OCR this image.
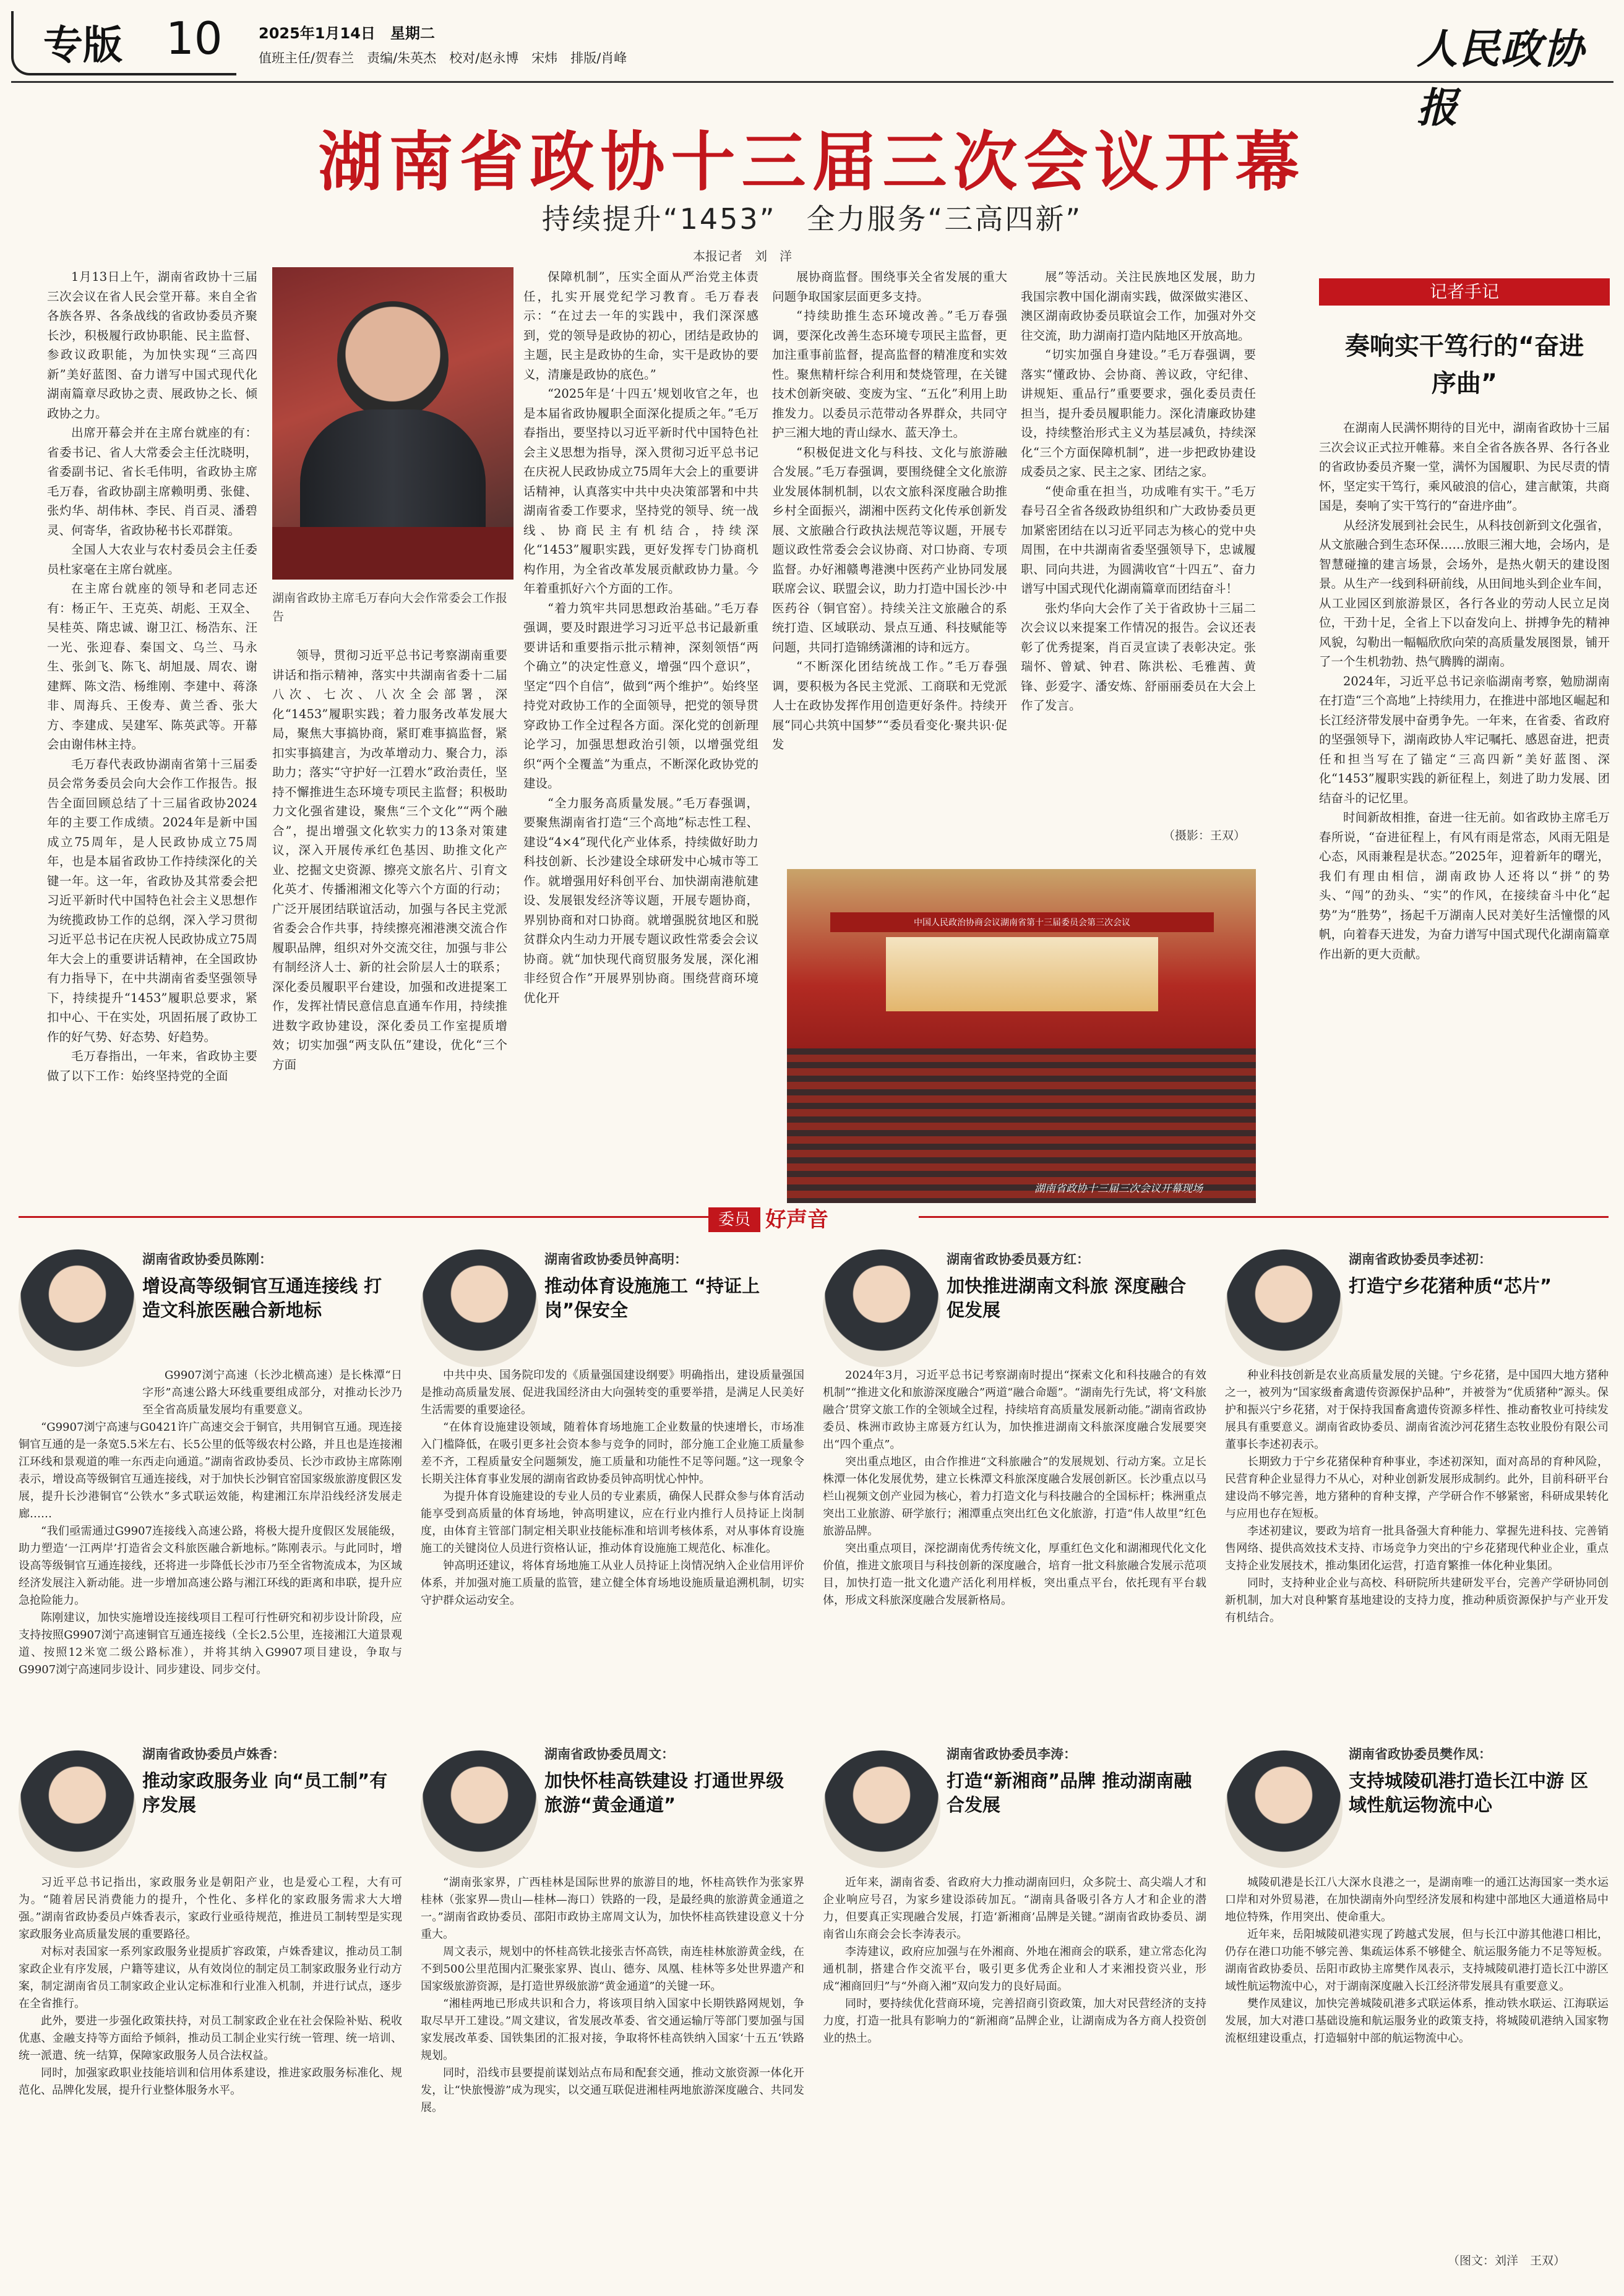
专版 10 2025年1月14日　星期二
值班主任/贺春兰　责编/朱英杰　校对/赵永博　宋炜　排版/肖峰	人民政协报
湖南省政协十三届三次会议开幕
持续提升“1453”　全力服务“三高四新”
本报记者　刘　洋

1月13日上午，湖南省政协十三届三次会议在省人民会堂开幕。来自全省各族各界、各条战线的省政协委员齐聚长沙，积极履行政协职能、民主监督、参政议政职能，为加快实现“三高四新”美好蓝图、奋力谱写中国式现代化湖南篇章尽政协之责、展政协之长、倾政协之力。

出席开幕会并在主席台就座的有：省委书记、省人大常委会主任沈晓明，省委副书记、省长毛伟明，省政协主席毛万春，省政协副主席赖明勇、张健、张灼华、胡伟林、李民、肖百灵、潘碧灵、何寄华，省政协秘书长邓群策。

全国人大农业与农村委员会主任委员杜家毫在主席台就座。

在主席台就座的领导和老同志还有：杨正午、王克英、胡彪、王双全、吴桂英、隋忠诚、谢卫江、杨浩东、汪一光、张迎春、秦国文、乌兰、马永生、张剑飞、陈飞、胡旭晟、周农、谢建辉、陈文浩、杨维刚、李建中、蒋涤非、周海兵、王俊寿、黄兰香、张大方、李建成、吴建军、陈英武等。开幕会由谢伟林主持。

毛万春代表政协湖南省第十三届委员会常务委员会向大会作工作报告。报告全面回顾总结了十三届省政协2024年的主要工作成绩。2024年是新中国成立75周年，是人民政协成立75周年，也是本届省政协工作持续深化的关键一年。这一年，省政协及其常委会把习近平新时代中国特色社会主义思想作为统揽政协工作的总纲，深入学习贯彻习近平总书记在庆祝人民政协成立75周年大会上的重要讲话精神，在全国政协有力指导下，在中共湖南省委坚强领导下，持续提升“1453”履职总要求，紧扣中心、干在实处，巩固拓展了政协工作的好气势、好态势、好趋势。

毛万春指出，一年来，省政协主要做了以下工作：始终坚持党的全面

湖南省政协主席毛万春向大会作常委会工作报告

领导，贯彻习近平总书记考察湖南重要讲话和指示精神，落实中共湖南省委十二届八次、七次、八次全会部署，深化“1453”履职实践；着力服务改革发展大局，聚焦大事搞协商，紧盯难事搞监督，紧扣实事搞建言，为改革增动力、聚合力，添助力；落实“守护好一江碧水”政治责任，坚持不懈推进生态环境专项民主监督；积极助力文化强省建设，聚焦“三个文化”“两个融合”，提出增强文化软实力的13条对策建议，深入开展传承红色基因、助推文化产业、挖掘文史资源、擦亮文旅名片、引育文化英才、传播湘湘文化等六个方面的行动；广泛开展团结联谊活动，加强与各民主党派省委会合作共事，持续擦亮湘港澳交流合作履职品牌，组织对外交流交往，加强与非公有制经济人士、新的社会阶层人士的联系；深化委员履职平台建设，加强和改进提案工作，发挥社情民意信息直通车作用，持续推进数字政协建设，深化委员工作室提质增效；切实加强“两支队伍”建设，优化“三个方面

保障机制”，压实全面从严治党主体责任，扎实开展党纪学习教育。毛万春表示：“在过去一年的实践中，我们深深感到，党的领导是政协的初心，团结是政协的主题，民主是政协的生命，实干是政协的要义，清廉是政协的底色。”

“2025年是‘十四五’规划收官之年，也是本届省政协履职全面深化提质之年。”毛万春指出，要坚持以习近平新时代中国特色社会主义思想为指导，深入贯彻习近平总书记在庆祝人民政协成立75周年大会上的重要讲话精神，认真落实中共中央决策部署和中共湖南省委工作要求，坚持党的领导、统一战线、协商民主有机结合，持续深化“1453”履职实践，更好发挥专门协商机构作用，为全省改革发展贡献政协力量。今年着重抓好六个方面的工作。

“着力筑牢共同思想政治基础。”毛万春强调，要及时跟进学习习近平总书记最新重要讲话和重要指示批示精神，深刻领悟“两个确立”的决定性意义，增强“四个意识”，坚定“四个自信”，做到“两个维护”。始终坚持党对政协工作的全面领导，把党的领导贯穿政协工作全过程各方面。深化党的创新理论学习，加强思想政治引领，以增强党组织“两个全覆盖”为重点，不断深化政协党的建设。

“全力服务高质量发展。”毛万春强调，要聚焦湖南省打造“三个高地”标志性工程、建设“4×4”现代化产业体系，持续做好助力科技创新、长沙建设全球研发中心城市等工作。就增强用好科创平台、加快湖南港航建设、发展银发经济等议题，开展专题协商，界别协商和对口协商。就增强脱贫地区和脱贫群众内生动力开展专题议政性常委会会议协商。就“加快现代商贸服务发展，深化湘非经贸合作”开展界别协商。围绕营商环境优化开

展协商监督。围绕事关全省发展的重大问题争取国家层面更多支持。

“持续助推生态环境改善。”毛万春强调，要深化改善生态环境专项民主监督，更加注重事前监督，提高监督的精准度和实效性。聚焦精杆综合利用和焚烧管理，在关键技术创新突破、变废为宝、“五化”利用上助推发力。以委员示范带动各界群众，共同守护三湘大地的青山绿水、蓝天净土。

“积极促进文化与科技、文化与旅游融合发展。”毛万春强调，要围绕健全文化旅游业发展体制机制，以农文旅科深度融合助推乡村全面振兴，湖湘中医药文化传承创新发展、文旅融合行政执法规范等议题，开展专题议政性常委会会议协商、对口协商、专项监督。办好湘赣粤港澳中医药产业协同发展联席会议、联盟会议，助力打造中国长沙·中医药谷（铜官窑）。持续关注文旅融合的系统打造、区域联动、景点互通、科技赋能等问题，共同打造锦绣潇湘的诗和远方。

“不断深化团结统战工作。”毛万春强调，要积极为各民主党派、工商联和无党派人士在政协发挥作用创造更好条件。持续开展“同心共筑中国梦”“委员看变化·聚共识·促发

展”等活动。关注民族地区发展，助力我国宗教中国化湖南实践，做深做实港区、澳区湖南政协委员联谊会工作，加强对外交往交流，助力湖南打造内陆地区开放高地。

“切实加强自身建设。”毛万春强调，要落实“懂政协、会协商、善议政，守纪律、讲规矩、重品行”重要要求，强化委员责任担当，提升委员履职能力。深化清廉政协建设，持续整治形式主义为基层减负，持续深化“三个方面保障机制”，进一步把政协建设成委员之家、民主之家、团结之家。

“使命重在担当，功成唯有实干。”毛万春号召全省各级政协组织和广大政协委员更加紧密团结在以习近平同志为核心的党中央周围，在中共湖南省委坚强领导下，忠诚履职、同向共进，为圆满收官“十四五”、奋力谱写中国式现代化湖南篇章而团结奋斗！

张灼华向大会作了关于省政协十三届二次会议以来提案工作情况的报告。会议还表彰了优秀提案，肖百灵宣读了表彰决定。张瑞怀、曾斌、钟君、陈洪松、毛雅茜、黄锋、彭爱字、潘安炼、舒丽丽委员在大会上作了发言。

（摄影：王双）
中国人民政治协商会议湖南省第十三届委员会第三次会议
湖南省政协十三届三次会议开幕现场
记者手记
奏响实干笃行的“奋进序曲”

在湖南人民满怀期待的目光中，湖南省政协十三届三次会议正式拉开帷幕。来自全省各族各界、各行各业的省政协委员齐聚一堂，满怀为国履职、为民尽责的情怀，坚定实干笃行，乘风破浪的信心，建言献策，共商国是，奏响了实干笃行的“奋进序曲”。

从经济发展到社会民生，从科技创新到文化强省，从文旅融合到生态环保……放眼三湘大地，会场内，是智慧碰撞的建言场景，会场外，是热火朝天的建设图景。从生产一线到科研前线，从田间地头到企业车间，从工业园区到旅游景区，各行各业的劳动人民立足岗位，干劲十足，全省上下以奋发向上、拼搏争先的精神风貌，勾勒出一幅幅欣欣向荣的高质量发展图景，铺开了一个生机勃勃、热气腾腾的湖南。

2024年，习近平总书记亲临湖南考察，勉励湖南在打造“三个高地”上持续用力，在推进中部地区崛起和长江经济带发展中奋勇争先。一年来，在省委、省政府的坚强领导下，湖南政协人牢记嘱托、感恩奋进，把责任和担当写在了锚定“三高四新”美好蓝图、深化“1453”履职实践的新征程上，刻进了助力发展、团结奋斗的记忆里。

时间新故相推，奋进一往无前。如省政协主席毛万春所说，“奋进征程上，有风有雨是常态，风雨无阻是心态，风雨兼程是状态。”2025年，迎着新年的曙光，我们有理由相信，湖南政协人还将以“拼”的势头、“闯”的劲头、“实”的作风，在接续奋斗中化“起势”为“胜势”，扬起千万湖南人民对美好生活憧憬的风帆，向着春天进发，为奋力谱写中国式现代化湖南篇章作出新的更大贡献。

委员 好声音
湖南省政协委员陈刚：
增设高等级铜官互通连接线 打造文科旅医融合新地标

G9907浏宁高速（长沙北横高速）是长株潭“日字形”高速公路大环线重要组成部分，对推动长沙乃至全省高质量发展均有重要意义。

“G9907浏宁高速与G0421许广高速交会于铜官，共用铜官互通。现连接铜官互通的是一条宽5.5米左右、长5公里的低等级农村公路，并且也是连接湘江环线和景观道的唯一东西走向通道。”湖南省政协委员、长沙市政协主席陈刚表示，增设高等级铜官互通连接线，对于加快长沙铜官窑国家级旅游度假区发展，提升长沙港铜官“公铁水”多式联运效能，构建湘江东岸沿线经济发展走廊……

“我们亟需通过G9907连接线入高速公路，将极大提升度假区发展能级，助力塑造‘一江两岸’打造省会文科旅医融合新地标。”陈刚表示。与此同时，增设高等级铜官互通连接线，还将进一步降低长沙市乃至全省物流成本，为区域经济发展注入新动能。进一步增加高速公路与湘江环线的距离和串联，提升应急抢险能力。

陈刚建议，加快实施增设连接线项目工程可行性研究和初步设计阶段，应支持按照G9907浏宁高速铜官互通连接线（全长2.5公里，连接湘江大道景观道、按照12米宽二级公路标准），并将其纳入G9907项目建设，争取与G9907浏宁高速同步设计、同步建设、同步交付。

湖南省政协委员钟高明：
推动体育设施施工 “持证上岗”保安全

中共中央、国务院印发的《质量强国建设纲要》明确指出，建设质量强国是推动高质量发展、促进我国经济由大向强转变的重要举措，是满足人民美好生活需要的重要途径。

“在体育设施建设领域，随着体育场地施工企业数量的快速增长，市场准入门槛降低，在吸引更多社会资本参与竞争的同时，部分施工企业施工质量参差不齐，工程质量安全问题频发，施工质量和功能性不足等问题。”这一现象令长期关注体育事业发展的湖南省政协委员钟高明忧心忡忡。

为提升体育设施建设的专业人员的专业素质，确保人民群众参与体育活动能享受到高质量的体育场地，钟高明建议，应在行业内推行人员持证上岗制度，由体育主管部门制定相关职业技能标准和培训考核体系，对从事体育设施施工的关键岗位人员进行资格认证，推动体育设施施工规范化、标准化。

钟高明还建议，将体育场地施工从业人员持证上岗情况纳入企业信用评价体系，并加强对施工质量的监管，建立健全体育场地设施质量追溯机制，切实守护群众运动安全。

湖南省政协委员聂方红：
加快推进湖南文科旅 深度融合促发展

2024年3月，习近平总书记考察湖南时提出“探索文化和科技融合的有效机制”“推进文化和旅游深度融合”两道“融合命题”。“湖南先行先试，将‘文科旅融合’贯穿文旅工作的全领域全过程，持续培育高质量发展新动能。”湖南省政协委员、株洲市政协主席聂方红认为，加快推进湖南文科旅深度融合发展要突出“四个重点”。

突出重点地区，由合作推进“文科旅融合”的发展规划、行动方案。立足长株潭一体化发展优势，建立长株潭文科旅深度融合发展创新区。长沙重点以马栏山视频文创产业园为核心，着力打造文化与科技融合的全国标杆；株洲重点突出工业旅游、研学旅行；湘潭重点突出红色文化旅游，打造“伟人故里”红色旅游品牌。

突出重点项目，深挖湖南优秀传统文化，厚重红色文化和湖湘现代化文化价值，推进文旅项目与科技创新的深度融合，培育一批文科旅融合发展示范项目，加快打造一批文化遗产活化利用样板，突出重点平台，依托现有平台载体，形成文科旅深度融合发展新格局。

湖南省政协委员李述初：
打造宁乡花猪种质“芯片”

种业科技创新是农业高质量发展的关键。宁乡花猪，是中国四大地方猪种之一，被列为“国家级畜禽遗传资源保护品种”，并被誉为“优质猪种”源头。保护和振兴宁乡花猪，对于保持我国畜禽遗传资源多样性、推动畜牧业可持续发展具有重要意义。湖南省政协委员、湖南省流沙河花猪生态牧业股份有限公司董事长李述初表示。

长期致力于宁乡花猪保种育种事业，李述初深知，面对高昂的育种风险，民营育种企业显得力不从心，对种业创新发展形成制约。此外，目前科研平台建设尚不够完善，地方猪种的育种支撑，产学研合作不够紧密，科研成果转化与应用也存在短板。

李述初建议，要政为培育一批具备强大育种能力、掌握先进科技、完善销售网络、提供高效技术支持、市场竞争力突出的宁乡花猪现代种业企业，重点支持企业发展技术，推动集团化运营，打造育繁推一体化种业集团。

同时，支持种业企业与高校、科研院所共建研发平台，完善产学研协同创新机制，加大对良种繁育基地建设的支持力度，推动种质资源保护与产业开发有机结合。

湖南省政协委员卢姝香：
推动家政服务业 向“员工制”有序发展

习近平总书记指出，家政服务业是朝阳产业，也是爱心工程，大有可为。“随着居民消费能力的提升，个性化、多样化的家政服务需求大大增强。”湖南省政协委员卢姝香表示，家政行业亟待规范，推进员工制转型是实现家政服务业高质量发展的重要路径。

对标对表国家一系列家政服务业提质扩容政策，卢姝香建议，推动员工制家政企业有序发展，户籍等建议，从有效岗位的制定员工制家政服务业行动方案，制定湖南省员工制家政企业认定标准和行业准入机制，并进行试点，逐步在全省推行。

此外，要进一步强化政策扶持，对员工制家政企业在社会保险补贴、税收优惠、金融支持等方面给予倾斜，推动员工制企业实行统一管理、统一培训、统一派遣、统一结算，保障家政服务人员合法权益。

同时，加强家政职业技能培训和信用体系建设，推进家政服务标准化、规范化、品牌化发展，提升行业整体服务水平。

湖南省政协委员周文：
加快怀桂高铁建设 打通世界级旅游“黄金通道”

“湖南张家界，广西桂林是国际世界的旅游目的地，怀桂高铁作为张家界桂林（张家界—贵山—桂林—海口）铁路的一段，是最经典的旅游黄金通道之一。”湖南省政协委员、邵阳市政协主席周文认为，加快怀桂高铁建设意义十分重大。

周文表示，规划中的怀桂高铁北接张吉怀高铁，南连桂林旅游黄金线，在不到500公里范围内汇聚张家界、崀山、德夯、凤凰、桂林等多处世界遗产和国家级旅游资源，是打造世界级旅游“黄金通道”的关键一环。

“湘桂两地已形成共识和合力，将该项目纳入国家中长期铁路网规划，争取尽早开工建设。”周文建议，省发展改革委、省交通运输厅等部门要加强与国家发展改革委、国铁集团的汇报对接，争取将怀桂高铁纳入国家‘十五五’铁路规划。

同时，沿线市县要提前谋划站点布局和配套交通，推动文旅资源一体化开发，让“快旅慢游”成为现实，以交通互联促进湘桂两地旅游深度融合、共同发展。

湖南省政协委员李涛：
打造“新湘商”品牌 推动湖南融合发展

近年来，湖南省委、省政府大力推动湖南回归，众多院士、高尖端人才和企业响应号召，为家乡建设添砖加瓦。“湖南具备吸引各方人才和企业的潜力，但要真正实现融合发展，打造‘新湘商’品牌是关键。”湖南省政协委员、湖南省山东商会会长李涛表示。

李涛建议，政府应加强与在外湘商、外地在湘商会的联系，建立常态化沟通机制，搭建合作交流平台，吸引更多优秀企业和人才来湘投资兴业，形成“湘商回归”与“外商入湘”双向发力的良好局面。

同时，要持续优化营商环境，完善招商引资政策，加大对民营经济的支持力度，打造一批具有影响力的“新湘商”品牌企业，让湖南成为各方商人投资创业的热土。

湖南省政协委员樊作凤：
支持城陵矶港打造长江中游 区域性航运物流中心

城陵矶港是长江八大深水良港之一，是湖南唯一的通江达海国家一类水运口岸和对外贸易港，在加快湖南外向型经济发展和构建中部地区大通道格局中地位特殊，作用突出、使命重大。

近年来，岳阳城陵矶港实现了跨越式发展，但与长江中游其他港口相比，仍存在港口功能不够完善、集疏运体系不够健全、航运服务能力不足等短板。湖南省政协委员、岳阳市政协主席樊作凤表示，支持城陵矶港打造长江中游区域性航运物流中心，对于湖南深度融入长江经济带发展具有重要意义。

樊作凤建议，加快完善城陵矶港多式联运体系，推动铁水联运、江海联运发展，加大对港口基础设施和航运服务业的政策支持，将城陵矶港纳入国家物流枢纽建设重点，打造辐射中部的航运物流中心。

（图文：刘洋　王双）
